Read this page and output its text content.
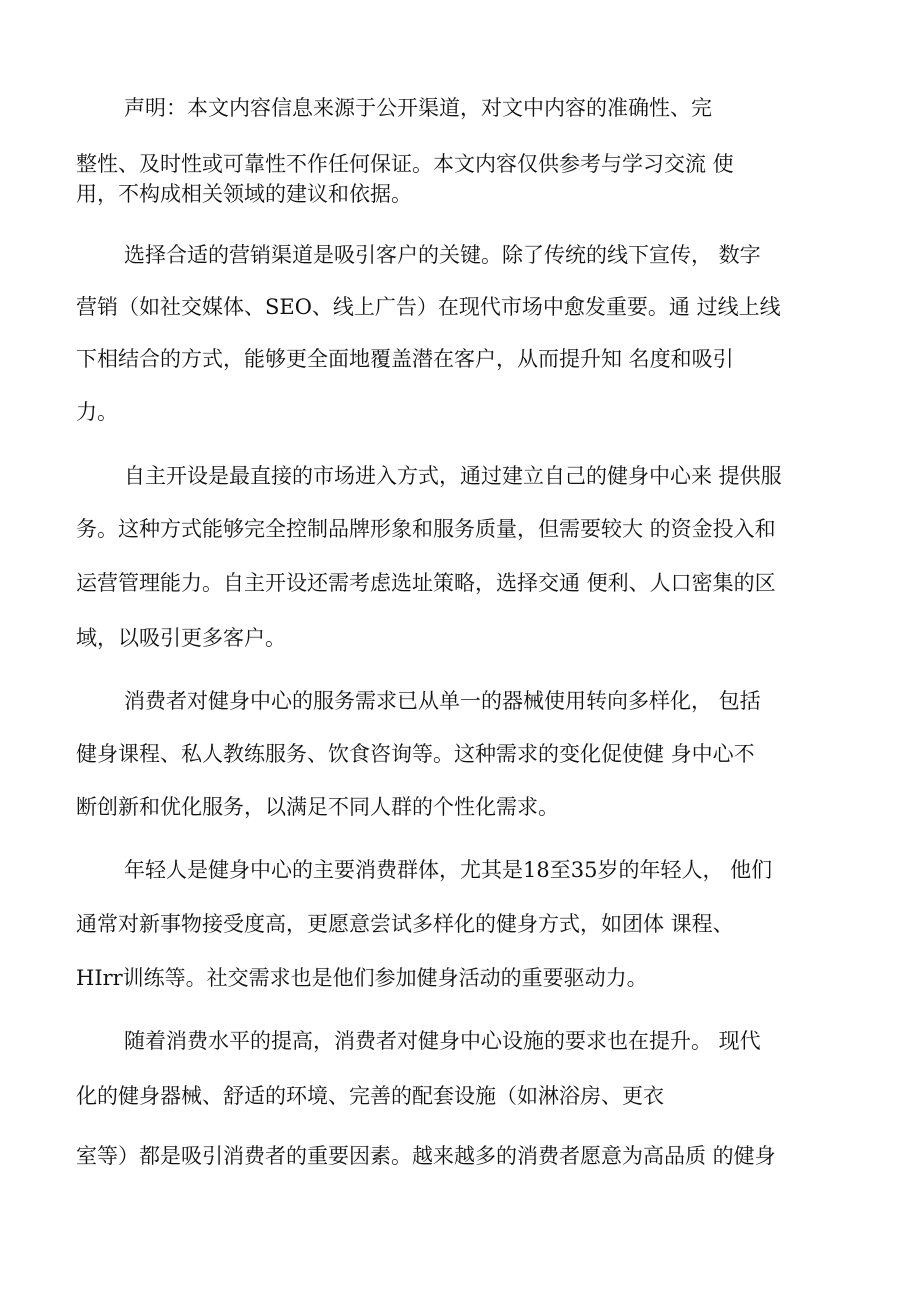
声明：本文内容信息来源于公开渠道，对文中内容的准确性、完
整性、及时性或可靠性不作任何保证。本文内容仅供参考与学习交流 使
用，不构成相关领域的建议和依据。
选择合适的营销渠道是吸引客户的关键。除了传统的线下宣传， 数字
营销（如社交媒体、SEO、线上广告）在现代市场中愈发重要。通 过线上线
下相结合的方式，能够更全面地覆盖潜在客户，从而提升知 名度和吸引
力。
自主开设是最直接的市场进入方式，通过建立自己的健身中心来 提供服
务。这种方式能够完全控制品牌形象和服务质量，但需要较大 的资金投入和
运营管理能力。自主开设还需考虑选址策略，选择交通 便利、人口密集的区
域，以吸引更多客户。
消费者对健身中心的服务需求已从单一的器械使用转向多样化， 包括
健身课程、私人教练服务、饮食咨询等。这种需求的变化促使健 身中心不
断创新和优化服务，以满足不同人群的个性化需求。
年轻人是健身中心的主要消费群体，尤其是18至35岁的年轻人， 他们
通常对新事物接受度高，更愿意尝试多样化的健身方式，如团体 课程、
HIrr训练等。社交需求也是他们参加健身活动的重要驱动力。
随着消费水平的提高，消费者对健身中心设施的要求也在提升。 现代
化的健身器械、舒适的环境、完善的配套设施（如淋浴房、更衣
室等）都是吸引消费者的重要因素。越来越多的消费者愿意为高品质 的健身
